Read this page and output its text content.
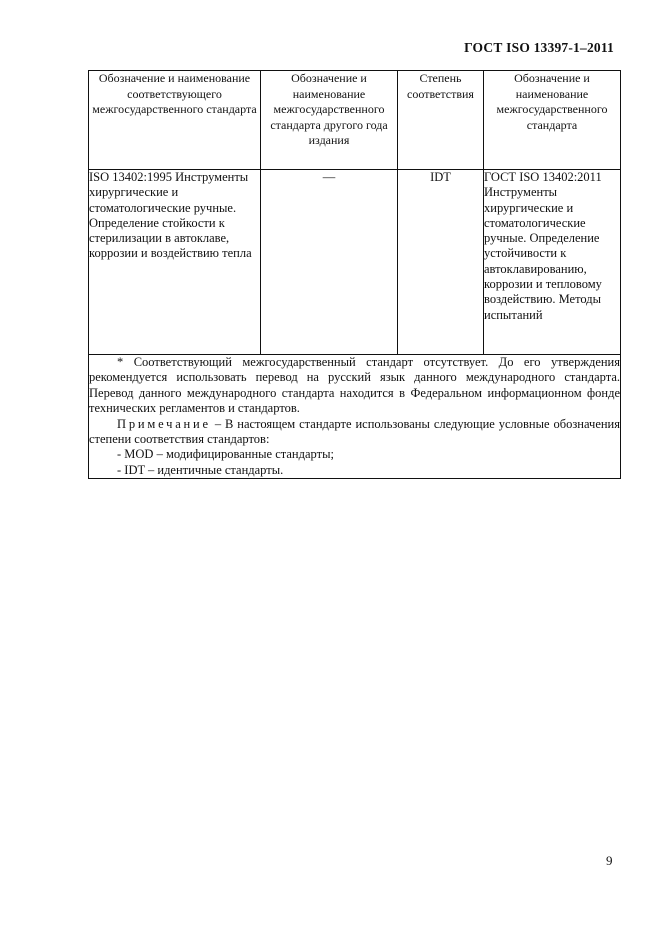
ГОСТ ISO 13397-1–2011
Обозначение и наименование соответствующего межгосударственного стандарта	Обозначение и наименование межгосударственного стандарта другого года издания	Степень соответствия	Обозначение и наименование межгосударственного стандарта
ISO 13402:1995 Инструменты хирургические и стоматологические ручные. Определение стойкости к стерилизации в автоклаве, коррозии и воздействию тепла	—	IDT	ГОСТ ISO 13402:2011 Инструменты хирургические и стоматологические ручные. Определение устойчивости к автоклавированию, коррозии и тепловому воздействию. Методы испытаний

* Соответствующий межгосударственный стандарт отсутствует. До его утверждения рекомендуется использовать перевод на русский язык данного международного стандарта. Перевод данного международного стандарта находится в Федеральном информационном фонде технических регламентов и стандартов.
Примечание – В настоящем стандарте использованы следующие условные обозначения степени соответствия стандартов:
- MOD – модифицированные стандарты;
- IDT – идентичные стандарты.			
9
